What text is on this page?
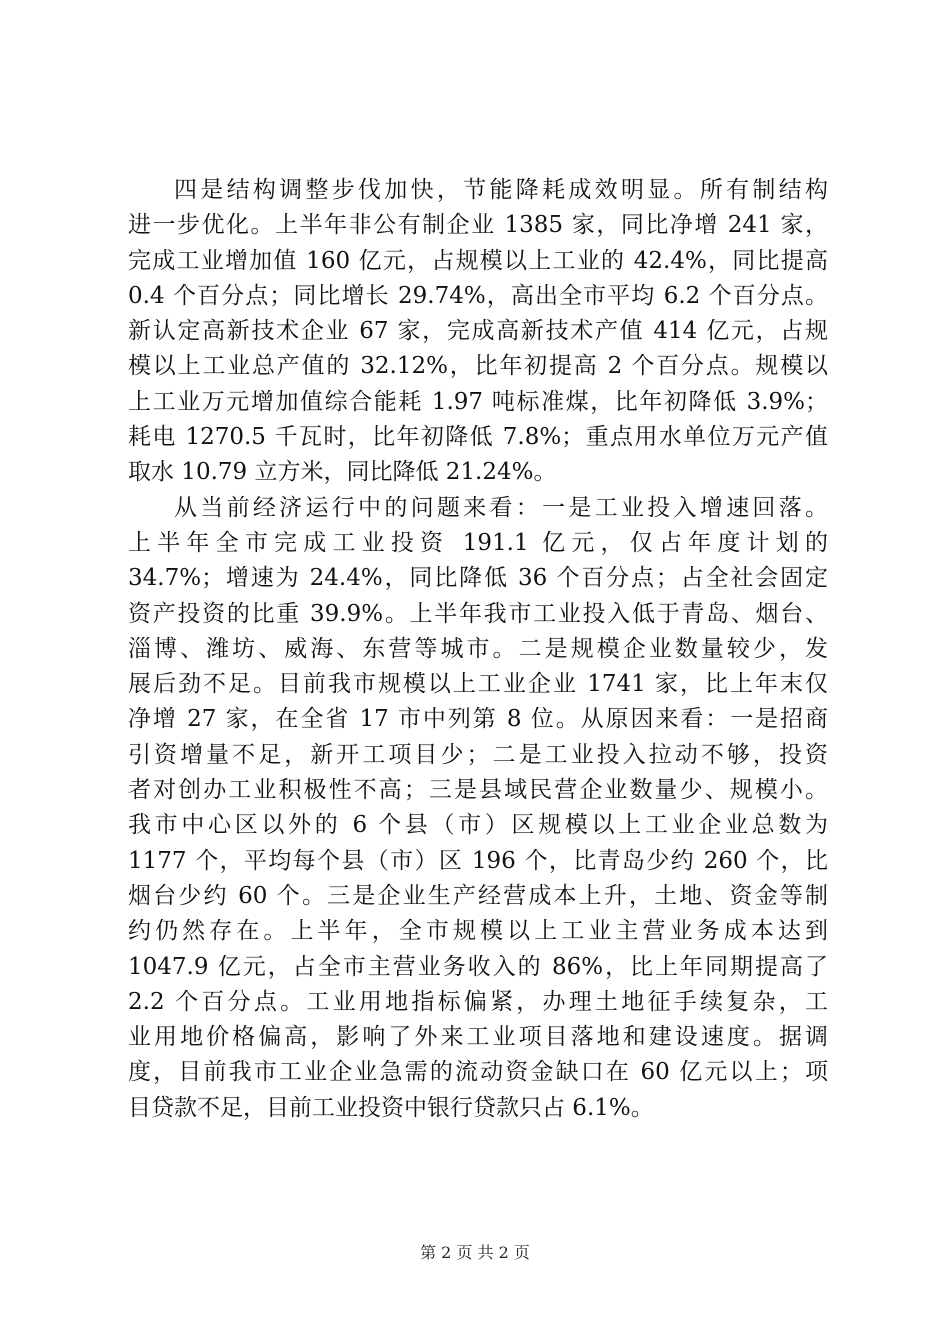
四是结构调整步伐加快，节能降耗成效明显。所有制结构
进一步优化。上半年非公有制企业 1385 家，同比净增 241 家，
完成工业增加值 160 亿元，占规模以上工业的 42.4%，同比提高
0.4 个百分点；同比增长 29.74%，高出全市平均 6.2 个百分点。
新认定高新技术企业 67 家，完成高新技术产值 414 亿元，占规
模以上工业总产值的 32.12%，比年初提高 2 个百分点。规模以
上工业万元增加值综合能耗 1.97 吨标准煤，比年初降低 3.9%；
耗电 1270.5 千瓦时，比年初降低 7.8%；重点用水单位万元产值
取水 10.79 立方米，同比降低 21.24%。
从当前经济运行中的问题来看：一是工业投入增速回落。
上半年全市完成工业投资 191.1 亿元，仅占年度计划的
34.7%；增速为 24.4%，同比降低 36 个百分点；占全社会固定
资产投资的比重 39.9%。上半年我市工业投入低于青岛、烟台、
淄博、潍坊、威海、东营等城市。二是规模企业数量较少，发
展后劲不足。目前我市规模以上工业企业 1741 家，比上年末仅
净增 27 家，在全省 17 市中列第 8 位。从原因来看：一是招商
引资增量不足，新开工项目少；二是工业投入拉动不够，投资
者对创办工业积极性不高；三是县域民营企业数量少、规模小。
我市中心区以外的 6 个县（市）区规模以上工业企业总数为
1177 个，平均每个县（市）区 196 个，比青岛少约 260 个，比
烟台少约 60 个。三是企业生产经营成本上升，土地、资金等制
约仍然存在。上半年，全市规模以上工业主营业务成本达到
1047.9 亿元，占全市主营业务收入的 86%，比上年同期提高了
2.2 个百分点。工业用地指标偏紧，办理土地征手续复杂，工
业用地价格偏高，影响了外来工业项目落地和建设速度。据调
度，目前我市工业企业急需的流动资金缺口在 60 亿元以上；项
目贷款不足，目前工业投资中银行贷款只占 6.1%。
第 2 页 共 2 页
